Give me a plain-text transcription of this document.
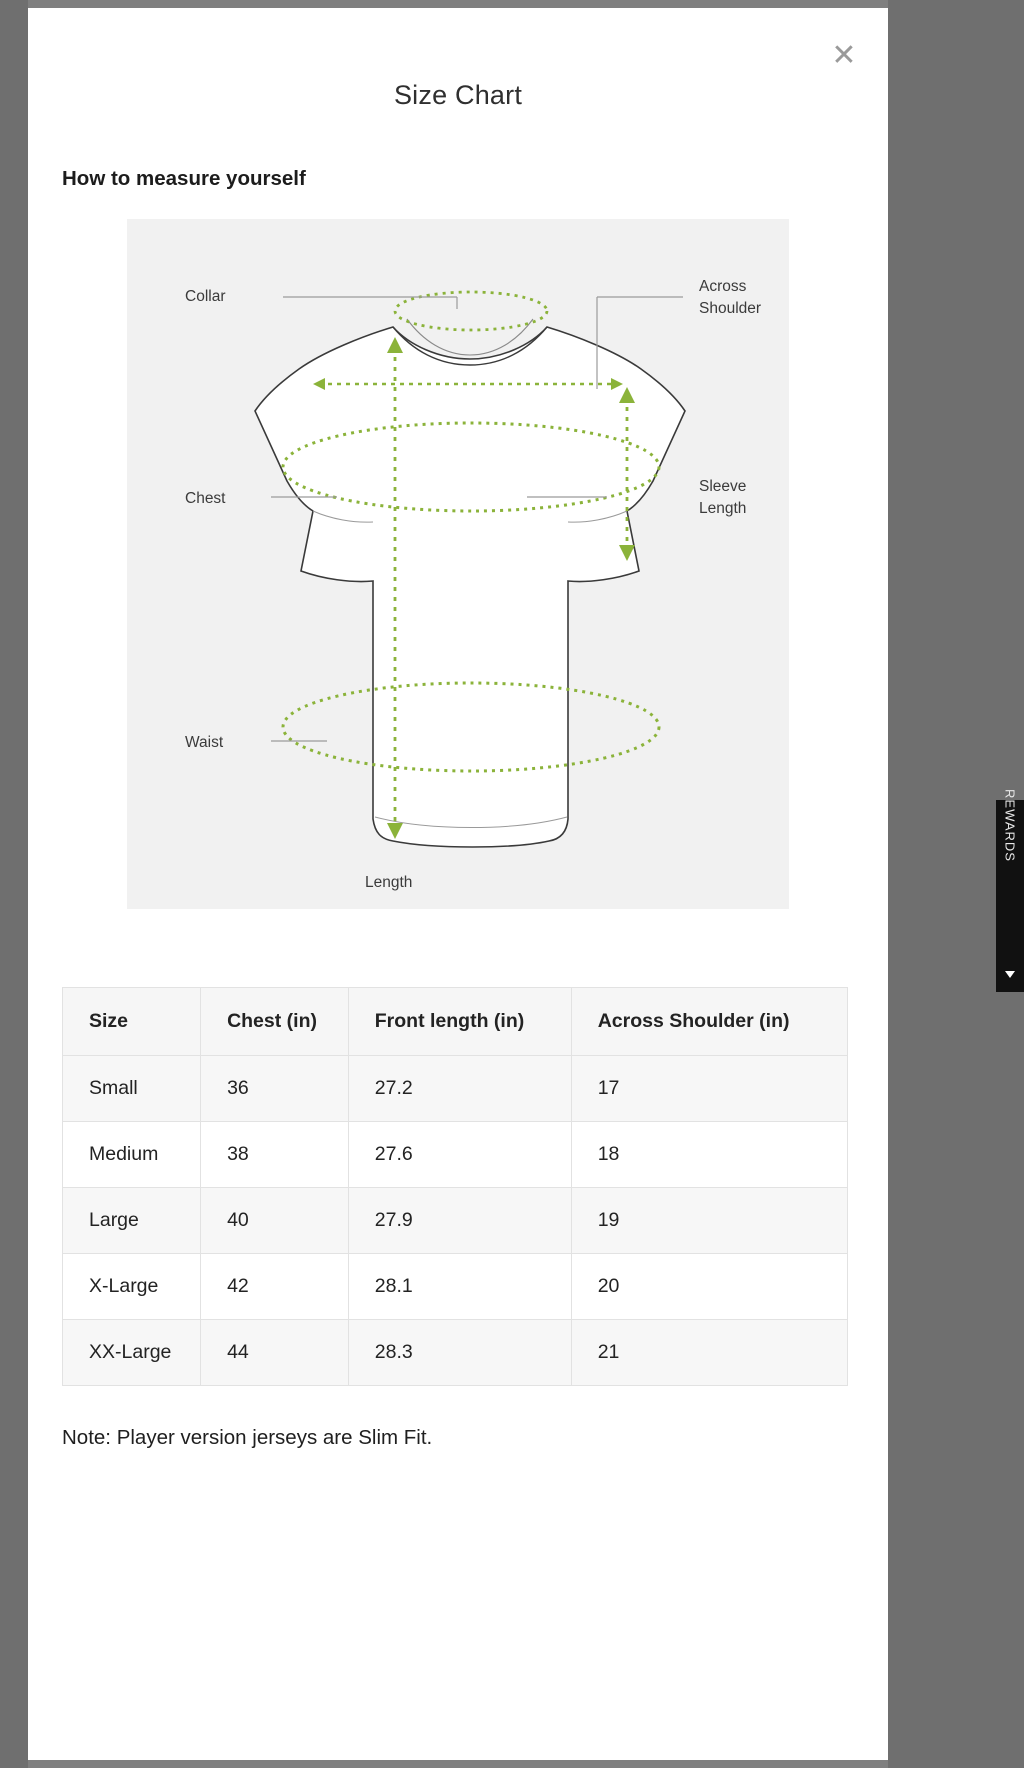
✕
Size Chart
How to measure yourself
Collar
Across
Shoulder
Chest
Sleeve
Length
Waist
Length
Size	Chest (in)	Front length (in)	Across Shoulder (in)
Small	36	27.2	17
Medium	38	27.6	18
Large	40	27.9	19
X-Large	42	28.1	20
XX-Large	44	28.3	21

Note: Player version jerseys are Slim Fit.

REWARDS
